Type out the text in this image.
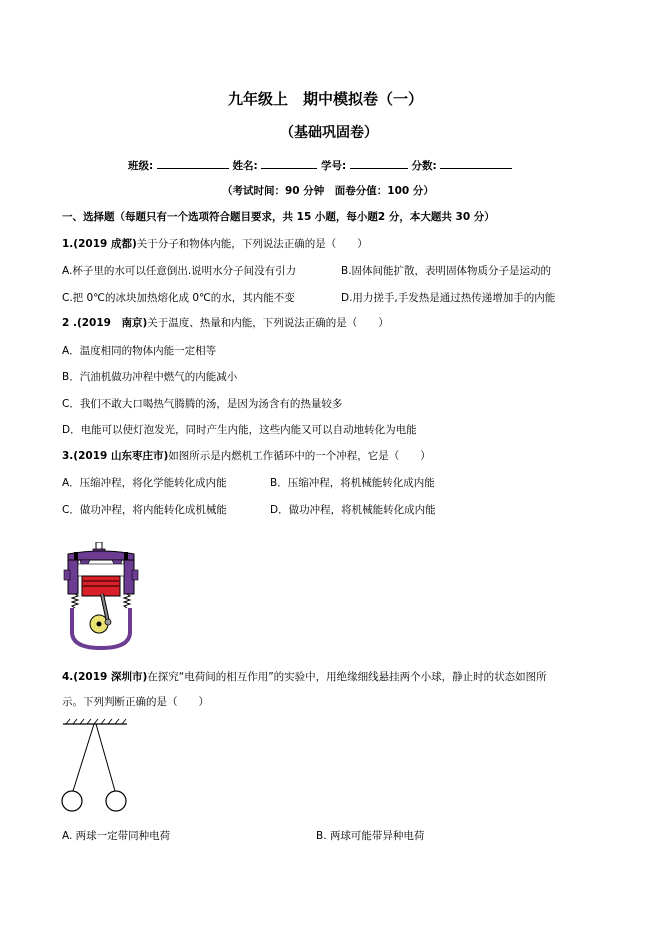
九年级上　期中模拟卷（一）
（基础巩固卷）
班级:	姓名:	学号:	分数:
（考试时间：90 分钟　面卷分值：100 分）
一、选择题（每题只有一个选项符合题目要求，共 15 小题，每小题2 分，本大题共 30 分）
1.(2019 成都)关于分子和物体内能，下列说法正确的是（　　）
A.杯子里的水可以任意倒出.说明水分子间没有引力	B.固体间能扩散，表明固体物质分子是运动的
C.把 0℃的冰块加热熔化成 0℃的水，其内能不变	D.用力搓手,手发热是通过热传递增加手的内能
2 .(2019　南京)关于温度、热量和内能，下列说法正确的是（　　）
A．温度相同的物体内能一定相等
B．汽油机做功冲程中燃气的内能减小
C．我们不敢大口喝热气腾腾的汤，是因为汤含有的热量较多
D．电能可以使灯泡发光，同时产生内能，这些内能又可以自动地转化为电能
3.(2019 山东枣庄市)如图所示是内燃机工作循环中的一个冲程，它是（　　）
A．压缩冲程，将化学能转化成内能	B．压缩冲程，将机械能转化成内能
C．做功冲程，将内能转化成机械能	D．做功冲程，将机械能转化成内能
4.(2019 深圳市)在探究“电荷间的相互作用”的实验中，用绝缘细线悬挂两个小球，静止时的状态如图所
示。下列判断正确的是（　　）
A. 两球一定带同种电荷	B. 两球可能带异种电荷
